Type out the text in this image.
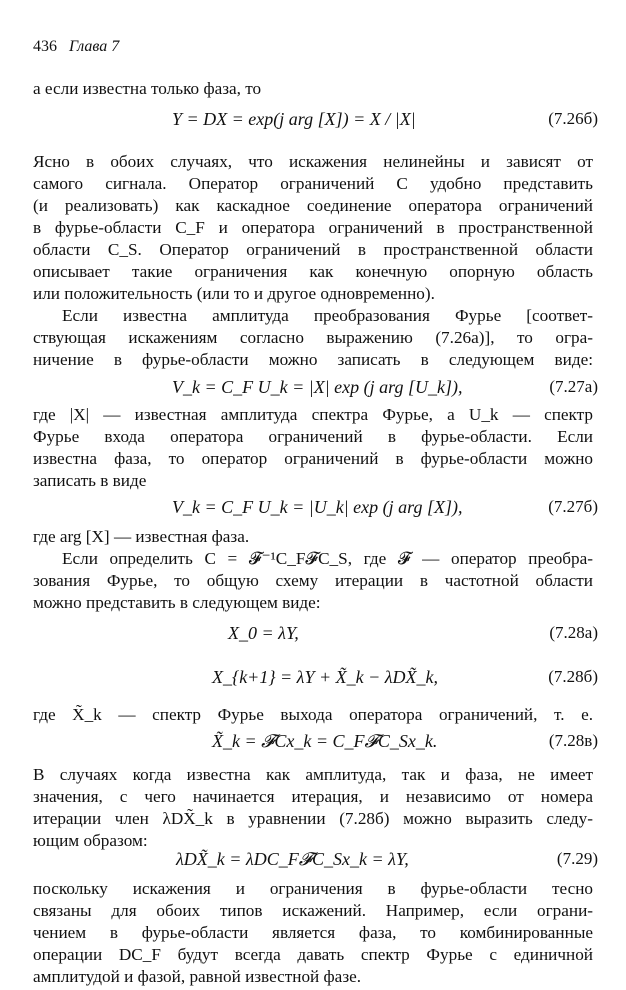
436 Глава 7
а если известна только фаза, то
Y = DX = exp(j arg [X]) = X / |X|	(7.26б)
Ясно в обоих случаях, что искажения нелинейны и зависят от
самого сигнала. Оператор ограничений C удобно представить
(и реализовать) как каскадное соединение оператора ограничений
в фурье-области C_F и оператора ограничений в пространственной
области C_S. Оператор ограничений в пространственной области
описывает такие ограничения как конечную опорную область
или положительность (или то и другое одновременно).
Если известна амплитуда преобразования Фурье [соответ-
ствующая искажениям согласно выражению (7.26а)], то огра-
ничение в фурье-области можно записать в следующем виде:
V_k = C_F U_k = |X| exp (j arg [U_k]),	(7.27а)
где |X| — известная амплитуда спектра Фурье, а U_k — спектр
Фурье входа оператора ограничений в фурье-области. Если
известна фаза, то оператор ограничений в фурье-области можно
записать в виде
V_k = C_F U_k = |U_k| exp (j arg [X]),	(7.27б)
где arg [X] — известная фаза.
Если определить C = 𝓕⁻¹C_F𝓕C_S, где 𝓕 — оператор преобра-
зования Фурье, то общую схему итерации в частотной области
можно представить в следующем виде:
X_0 = λY,	(7.28а)
X_{k+1} = λY + X̃_k − λDX̃_k,	(7.28б)
где X̃_k — спектр Фурье выхода оператора ограничений, т. е.
X̃_k = 𝓕Cx_k = C_F𝓕C_Sx_k.	(7.28в)
В случаях когда известна как амплитуда, так и фаза, не имеет
значения, с чего начинается итерация, и независимо от номера
итерации член λDX̃_k в уравнении (7.28б) можно выразить следу-
ющим образом:
λDX̃_k = λDC_F𝓕C_Sx_k = λY,	(7.29)
поскольку искажения и ограничения в фурье-области тесно
связаны для обоих типов искажений. Например, если ограни-
чением в фурье-области является фаза, то комбинированные
операции DC_F будут всегда давать спектр Фурье с единичной
амплитудой и фазой, равной известной фазе.
